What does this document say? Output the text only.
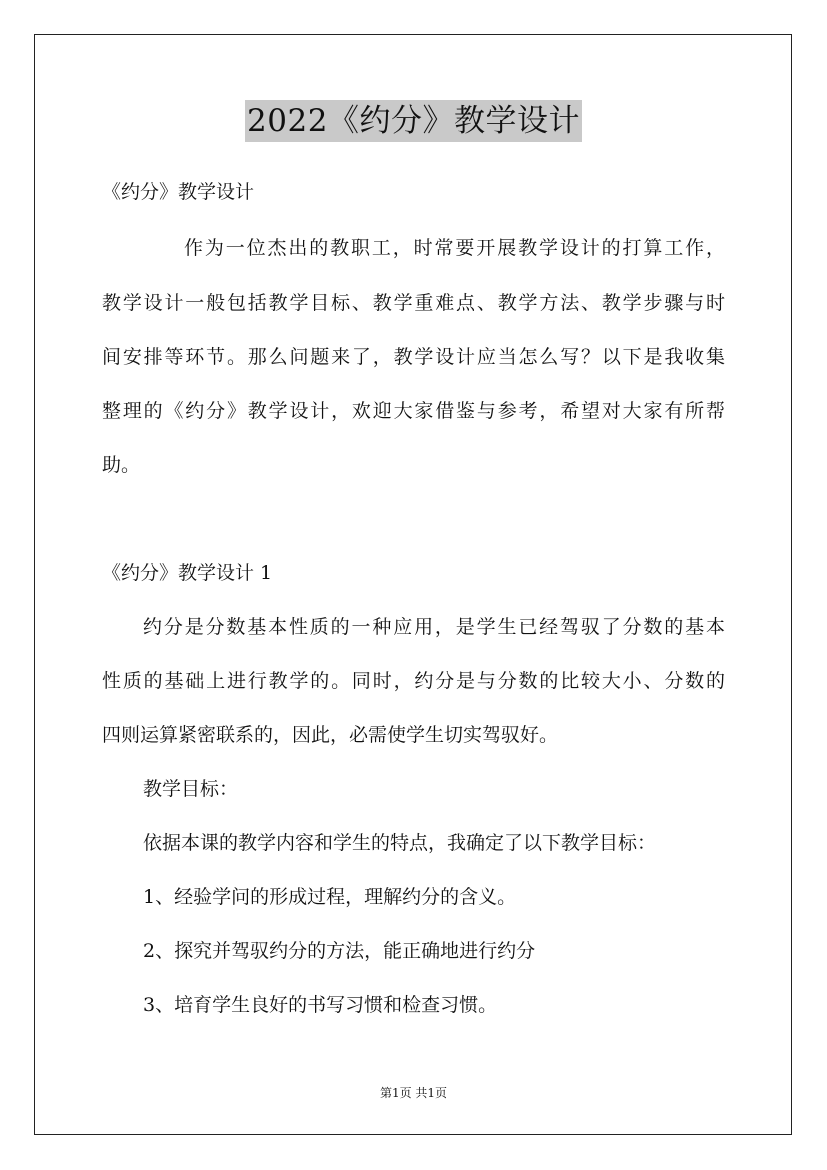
2022《约分》教学设计
《约分》教学设计
作为一位杰出的教职工，时常要开展教学设计的打算工作，
教学设计一般包括教学目标、教学重难点、教学方法、教学步骤与时
间安排等环节。那么问题来了，教学设计应当怎么写？以下是我收集
整理的《约分》教学设计，欢迎大家借鉴与参考，希望对大家有所帮
助。
《约分》教学设计 1
约分是分数基本性质的一种应用，是学生已经驾驭了分数的基本
性质的基础上进行教学的。同时，约分是与分数的比较大小、分数的
四则运算紧密联系的，因此，必需使学生切实驾驭好。
教学目标：
依据本课的教学内容和学生的特点，我确定了以下教学目标：
1、经验学问的形成过程，理解约分的含义。
2、探究并驾驭约分的方法，能正确地进行约分
3、培育学生良好的书写习惯和检查习惯。
第1页 共1页
